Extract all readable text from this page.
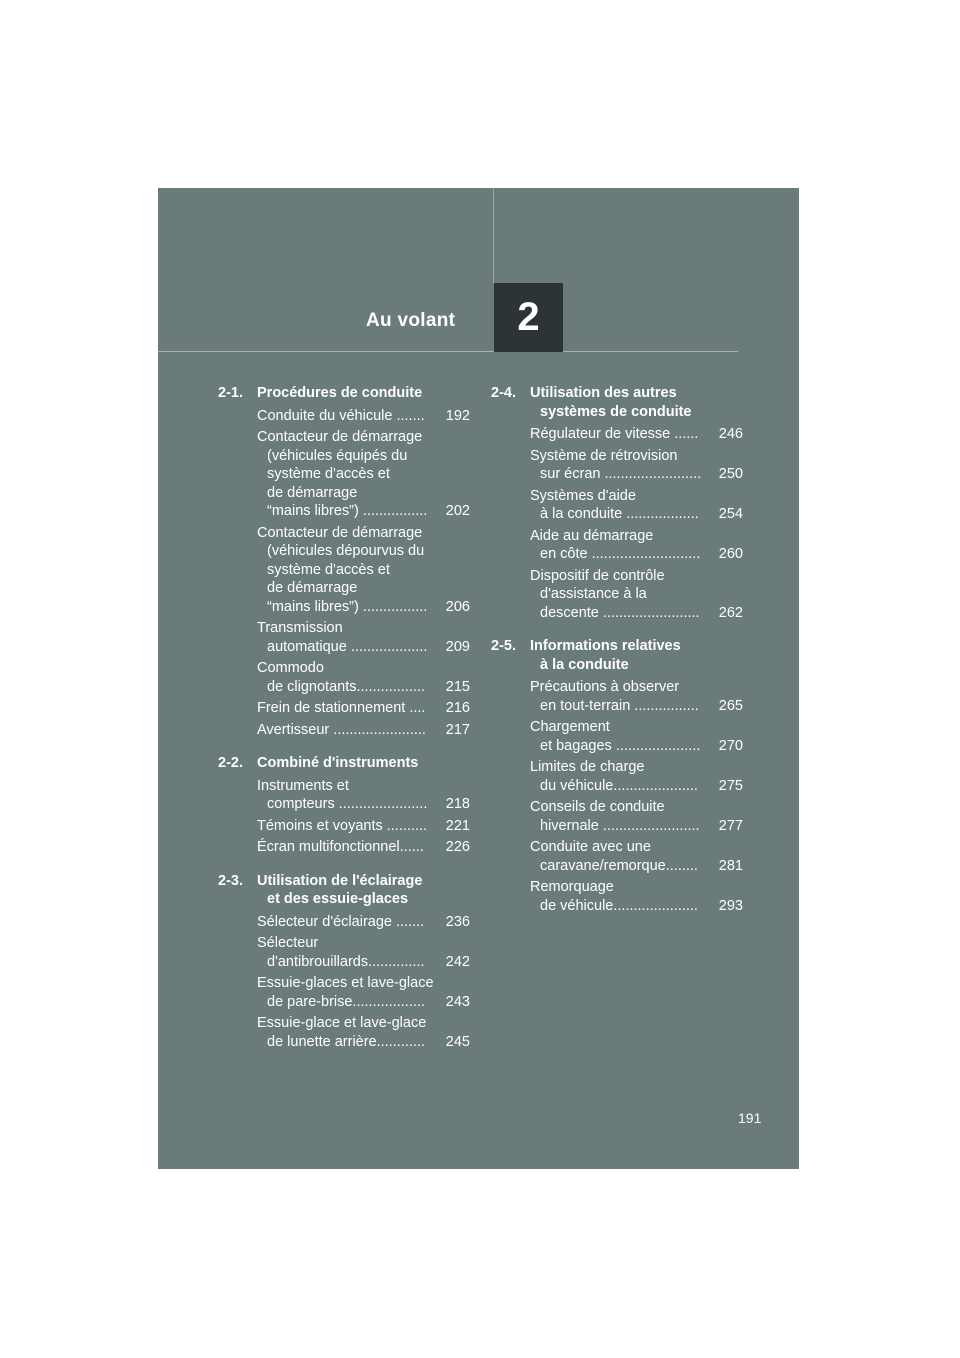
Au volant 2
2-1. Procédures de conduite
Conduite du véhicule .......	192
Contacteur de démarrage
(véhicules équipés du
système d'accès et
de démarrage
“mains libres”) ................	202
Contacteur de démarrage
(véhicules dépourvus du
système d'accès et
de démarrage
“mains libres”) ................	206
Transmission
automatique ...................	209
Commodo
de clignotants.................	215
Frein de stationnement ....	216
Avertisseur .......................	217
2-2. Combiné d'instruments
Instruments et
compteurs ......................	218
Témoins et voyants ..........	221
Écran multifonctionnel......	226
2-3. Utilisation de l'éclairage
et des essuie-glaces
Sélecteur d'éclairage .......	236
Sélecteur
d'antibrouillards..............	242
Essuie-glaces et lave-glace
de pare-brise..................	243
Essuie-glace et lave-glace
de lunette arrière............	245
2-4. Utilisation des autres
systèmes de conduite
Régulateur de vitesse ......	246
Système de rétrovision
sur écran ........................	250
Systèmes d'aide
à la conduite ..................	254
Aide au démarrage
en côte ...........................	260
Dispositif de contrôle
d'assistance à la
descente ........................	262
2-5. Informations relatives
à la conduite
Précautions à observer
en tout-terrain ................	265
Chargement
et bagages .....................	270
Limites de charge
du véhicule.....................	275
Conseils de conduite
hivernale ........................	277
Conduite avec une
caravane/remorque........	281
Remorquage
de véhicule.....................	293
191
